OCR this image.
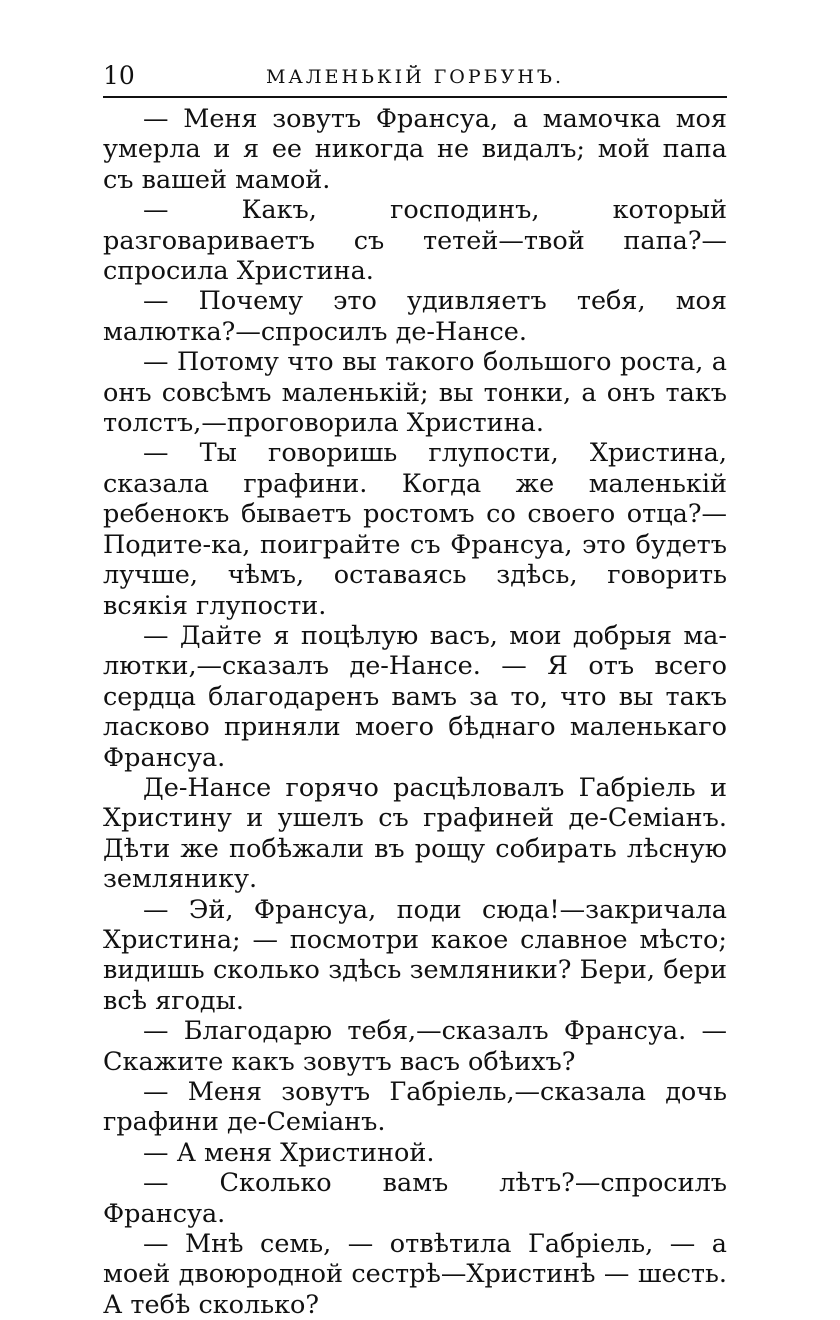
10	МАЛЕНЬКІЙ ГОРБУНЪ.

— Меня зовутъ Франсуа, а мамочка моя умерла и я ее никогда не видалъ; мой папа съ вашей мамой.

— Какъ, господинъ, который разговариваетъ съ тетей—твой папа?—спросила Христина.

— Почему это удивляетъ тебя, моя малютка?—спросилъ де-Нансе.

— Потому что вы такого большого роста, а онъ совсѣмъ маленькій; вы тонки, а онъ такъ толстъ,—проговорила Христина.

— Ты говоришь глупости, Христина, сказала графини. Когда же маленькій ребенокъ бываетъ ростомъ со своего отца?—Подите-ка, поиграйте съ Франсуа, это будетъ лучше, чѣмъ, оставаясь здѣсь, говорить всякія глупости.

— Дайте я поцѣлую васъ, мои добрыя малютки,—сказалъ де-Нансе. — Я отъ всего сердца благодаренъ вамъ за то, что вы такъ ласково приняли моего бѣднаго маленькаго Франсуа.

Де-Нансе горячо расцѣловалъ Габріель и Христину и ушелъ съ графиней де-Семіанъ. Дѣти же побѣжали въ рощу собирать лѣсную землянику.

— Эй, Франсуа, поди сюда!—закричала Христина; — посмотри какое славное мѣсто; видишь сколько здѣсь земляники? Бери, бери всѣ ягоды.

— Благодарю тебя,—сказалъ Франсуа. — Скажите какъ зовутъ васъ обѣихъ?

— Меня зовутъ Габріель,—сказала дочь графини де-Семіанъ.

— А меня Христиной.

— Сколько вамъ лѣтъ?—спросилъ Франсуа.

— Мнѣ семь, — отвѣтила Габріель, — а моей двоюродной сестрѣ—Христинѣ — шесть. А тебѣ сколько?
